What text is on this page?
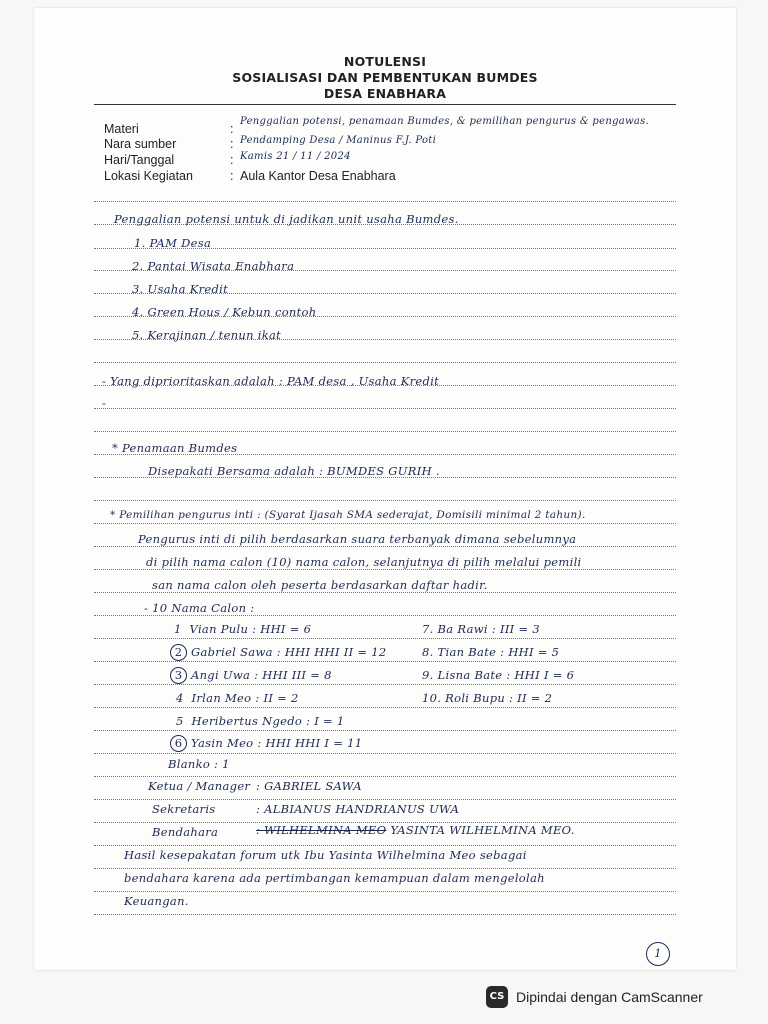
NOTULENSI
SOSIALISASI DAN PEMBENTUKAN BUMDES
DESA ENABHARA
Materi	:
Penggalian potensi, penamaan Bumdes, & pemilihan pengurus & pengawas.
Nara sumber	: Pendamping Desa / Maninus F.J. Poti
Hari/Tanggal	: Kamis 21 / 11 / 2024
Lokasi Kegiatan	: Aula Kantor Desa Enabhara
Penggalian potensi untuk di jadikan unit usaha Bumdes.
1. PAM Desa
2. Pantai Wisata Enabhara
3. Usaha Kredit
4. Green Hous / Kebun contoh
5. Kerajinan / tenun ikat
- Yang diprioritaskan adalah : PAM desa , Usaha Kredit
-
* Penamaan Bumdes
Disepakati Bersama adalah : BUMDES GURIH .
* Pemilihan pengurus inti : (Syarat Ijasah SMA sederajat, Domisili minimal 2 tahun).
Pengurus inti di pilih berdasarkan suara terbanyak dimana sebelumnya
di pilih nama calon (10) nama calon, selanjutnya di pilih melalui pemili
san nama calon oleh peserta berdasarkan daftar hadir.
- 10 Nama Calon :
1 Vian Pulu : HHI = 6
2 Gabriel Sawa : HHI HHI II = 12
3 Angi Uwa : HHI III = 8
4 Irlan Meo : II = 2
5 Heribertus Ngedo : I = 1
6 Yasin Meo : HHI HHI I = 11
7. Ba Rawi : III = 3
8. Tian Bate : HHI = 5
9. Lisna Bate : HHI I = 6
10. Roli Bupu : II = 2
Blanko : 1
Ketua / Manager : GABRIEL SAWA
Sekretaris	: ALBIANUS HANDRIANUS UWA
Bendahara	: WILHELMINA MEO YASINTA WILHELMINA MEO.
Hasil kesepakatan forum utk Ibu Yasinta Wilhelmina Meo sebagai
bendahara karena ada pertimbangan kemampuan dalam mengelolah
Keuangan.
1
CS Dipindai dengan CamScanner
